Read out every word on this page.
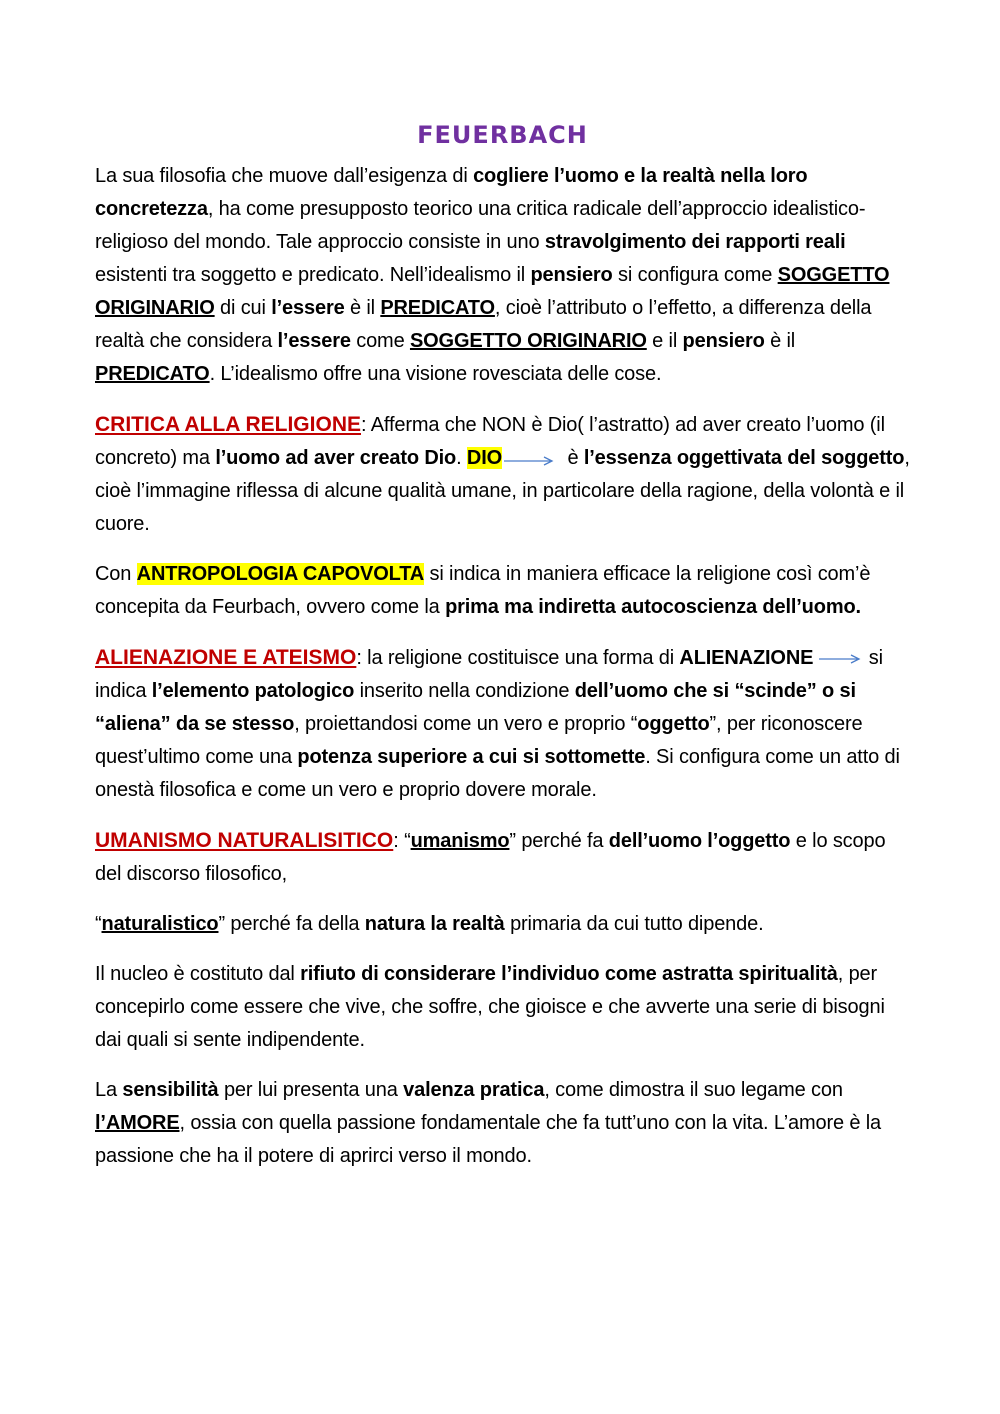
FEUERBACH

La sua filosofia che muove dall’esigenza di cogliere l’uomo e la realtà nella loro concretezza, ha come presupposto teorico una critica radicale dell’approccio idealistico-religioso del mondo. Tale approccio consiste in uno stravolgimento dei rapporti reali esistenti tra soggetto e predicato. Nell’idealismo il pensiero si configura come SOGGETTO ORIGINARIO di cui l’essere è il PREDICATO, cioè l’attributo o l’effetto, a differenza della realtà che considera l’essere come SOGGETTO ORIGINARIO e il pensiero è il PREDICATO. L’idealismo offre una visione rovesciata delle cose.

CRITICA ALLA RELIGIONE: Afferma che NON è Dio( l’astratto) ad aver creato l’uomo (il concreto) ma l’uomo ad aver creato Dio. DIO	è l’essenza oggettivata del soggetto, cioè l’immagine riflessa di alcune qualità umane, in particolare della ragione, della volontà e il cuore.

Con ANTROPOLOGIA CAPOVOLTA si indica in maniera efficace la religione così com’è concepita da Feurbach, ovvero come la prima ma indiretta autocoscienza dell’uomo.

ALIENAZIONE E ATEISMO: la religione costituisce una forma di ALIENAZIONE	si indica l’elemento patologico inserito nella condizione dell’uomo che si “scinde” o si “aliena” da se stesso, proiettandosi come un vero e proprio “oggetto”, per riconoscere quest’ultimo come una potenza superiore a cui si sottomette. Si configura come un atto di onestà filosofica e come un vero e proprio dovere morale.

UMANISMO NATURALISITICO: “umanismo” perché fa dell’uomo l’oggetto e lo scopo del discorso filosofico,

“naturalistico” perché fa della natura la realtà primaria da cui tutto dipende.

Il nucleo è costituto dal rifiuto di considerare l’individuo come astratta spiritualità, per concepirlo come essere che vive, che soffre, che gioisce e che avverte una serie di bisogni dai quali si sente indipendente.

La sensibilità per lui presenta una valenza pratica, come dimostra il suo legame con l’AMORE, ossia con quella passione fondamentale che fa tutt’uno con la vita. L’amore è la passione che ha il potere di aprirci verso il mondo.
